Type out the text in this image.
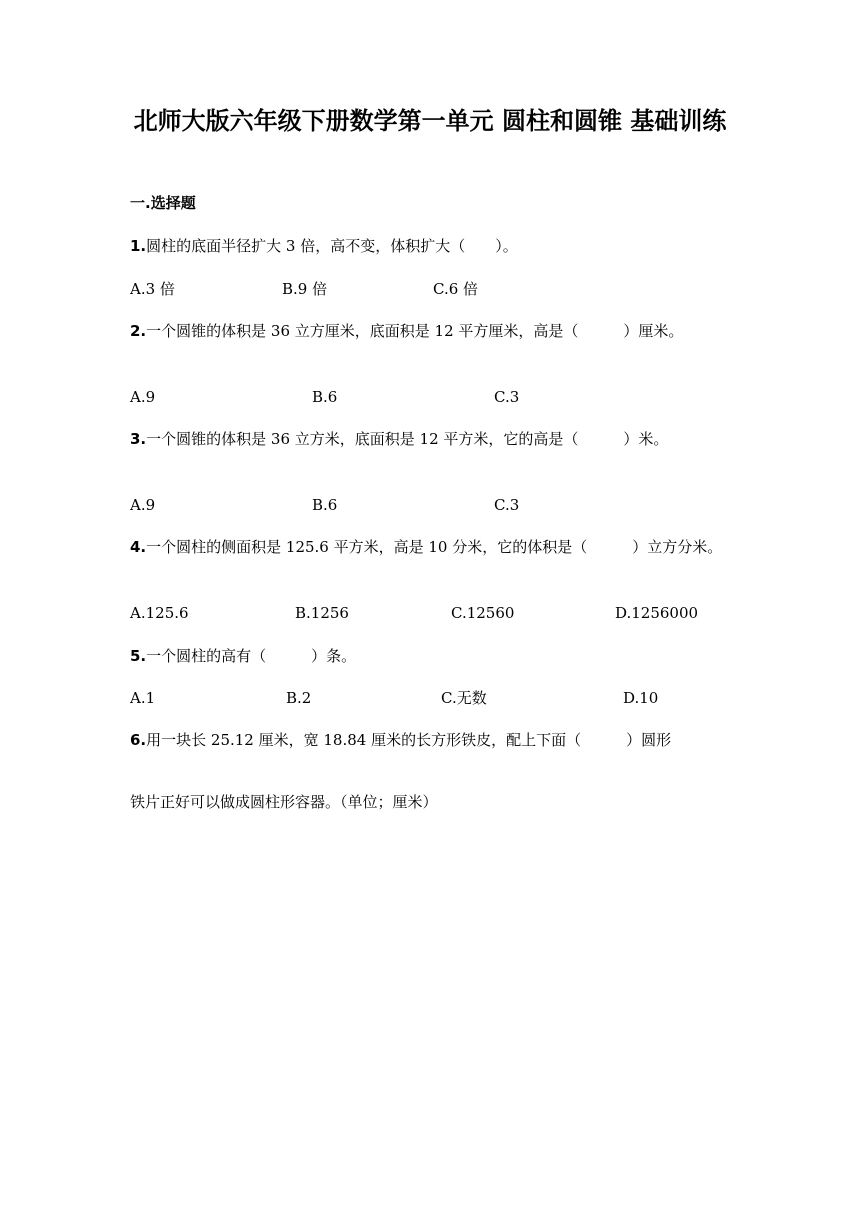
北师大版六年级下册数学第一单元 圆柱和圆锥 基础训练
一.选择题
1.圆柱的底面半径扩大 3 倍，高不变，体积扩大（　　）。
A.3 倍	B.9 倍	C.6 倍
2.一个圆锥的体积是 36 立方厘米，底面积是 12 平方厘米，高是（　　　）厘米。
A.9	B.6	C.3
3.一个圆锥的体积是 36 立方米，底面积是 12 平方米，它的高是（　　　）米。
A.9	B.6	C.3
4.一个圆柱的侧面积是 125.6 平方米，高是 10 分米，它的体积是（　　　）立方分米。
A.125.6	B.1256	C.12560	D.1256000
5.一个圆柱的高有（　　　）条。
A.1	B.2	C.无数	D.10
6.用一块长 25.12 厘米，宽 18.84 厘米的长方形铁皮，配上下面（　　　）圆形
铁片正好可以做成圆柱形容器。（单位；厘米）
